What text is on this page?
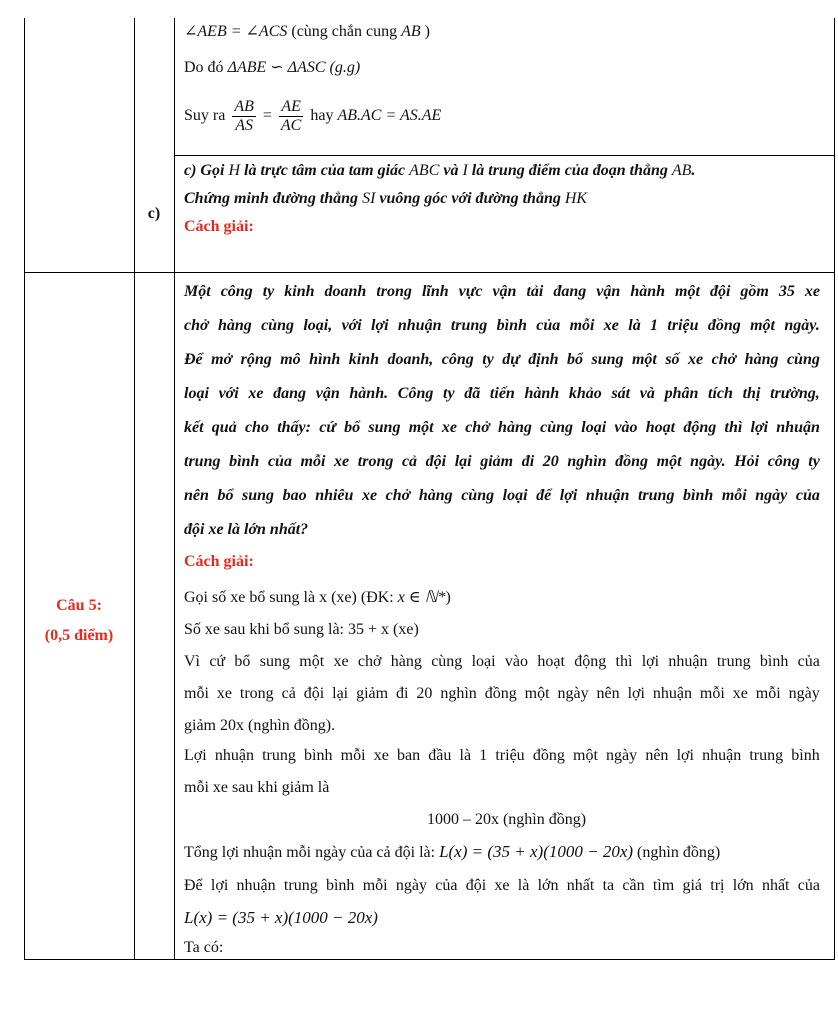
c)
∠AEB = ∠ACS (cùng chắn cung AB )
Do đó ΔABE ∽ ΔASC (g.g)
Suy ra $\frac{AB}{AS} = \frac{AE}{AC}$ hay AB.AC = AS.AE
c) Gọi H là trực tâm của tam giác ABC và I là trung điểm của đoạn thẳng AB.
Chứng minh đường thẳng SI vuông góc với đường thẳng HK
Cách giải:
Câu 5:
(0,5 điểm)
Một công ty kinh doanh trong lĩnh vực vận tải đang vận hành một đội gồm 35 xe
chở hàng cùng loại, với lợi nhuận trung bình của mỗi xe là 1 triệu đồng một ngày.
Để mở rộng mô hình kinh doanh, công ty dự định bổ sung một số xe chở hàng cùng
loại với xe đang vận hành. Công ty đã tiến hành khảo sát và phân tích thị trường,
kết quả cho thấy: cứ bổ sung một xe chở hàng cùng loại vào hoạt động thì lợi nhuận
trung bình của mỗi xe trong cả đội lại giảm đi 20 nghìn đồng một ngày. Hỏi công ty
nên bổ sung bao nhiêu xe chở hàng cùng loại để lợi nhuận trung bình mỗi ngày của
đội xe là lớn nhất?
Cách giải:
Gọi số xe bổ sung là x (xe) (ĐK: x ∈ ℕ*)
Số xe sau khi bổ sung là: 35 + x (xe)
Vì cứ bổ sung một xe chở hàng cùng loại vào hoạt động thì lợi nhuận trung bình của
mỗi xe trong cả đội lại giảm đi 20 nghìn đồng một ngày nên lợi nhuận mỗi xe mỗi ngày
giảm 20x (nghìn đồng).
Lợi nhuận trung bình mỗi xe ban đầu là 1 triệu đồng một ngày nên lợi nhuận trung bình
mỗi xe sau khi giảm là
1000 – 20x (nghìn đồng)
Tổng lợi nhuận mỗi ngày của cả đội là: L(x) = (35 + x)(1000 − 20x) (nghìn đồng)
Để lợi nhuận trung bình mỗi ngày của đội xe là lớn nhất ta cần tìm giá trị lớn nhất của
L(x) = (35 + x)(1000 − 20x)
Ta có:
